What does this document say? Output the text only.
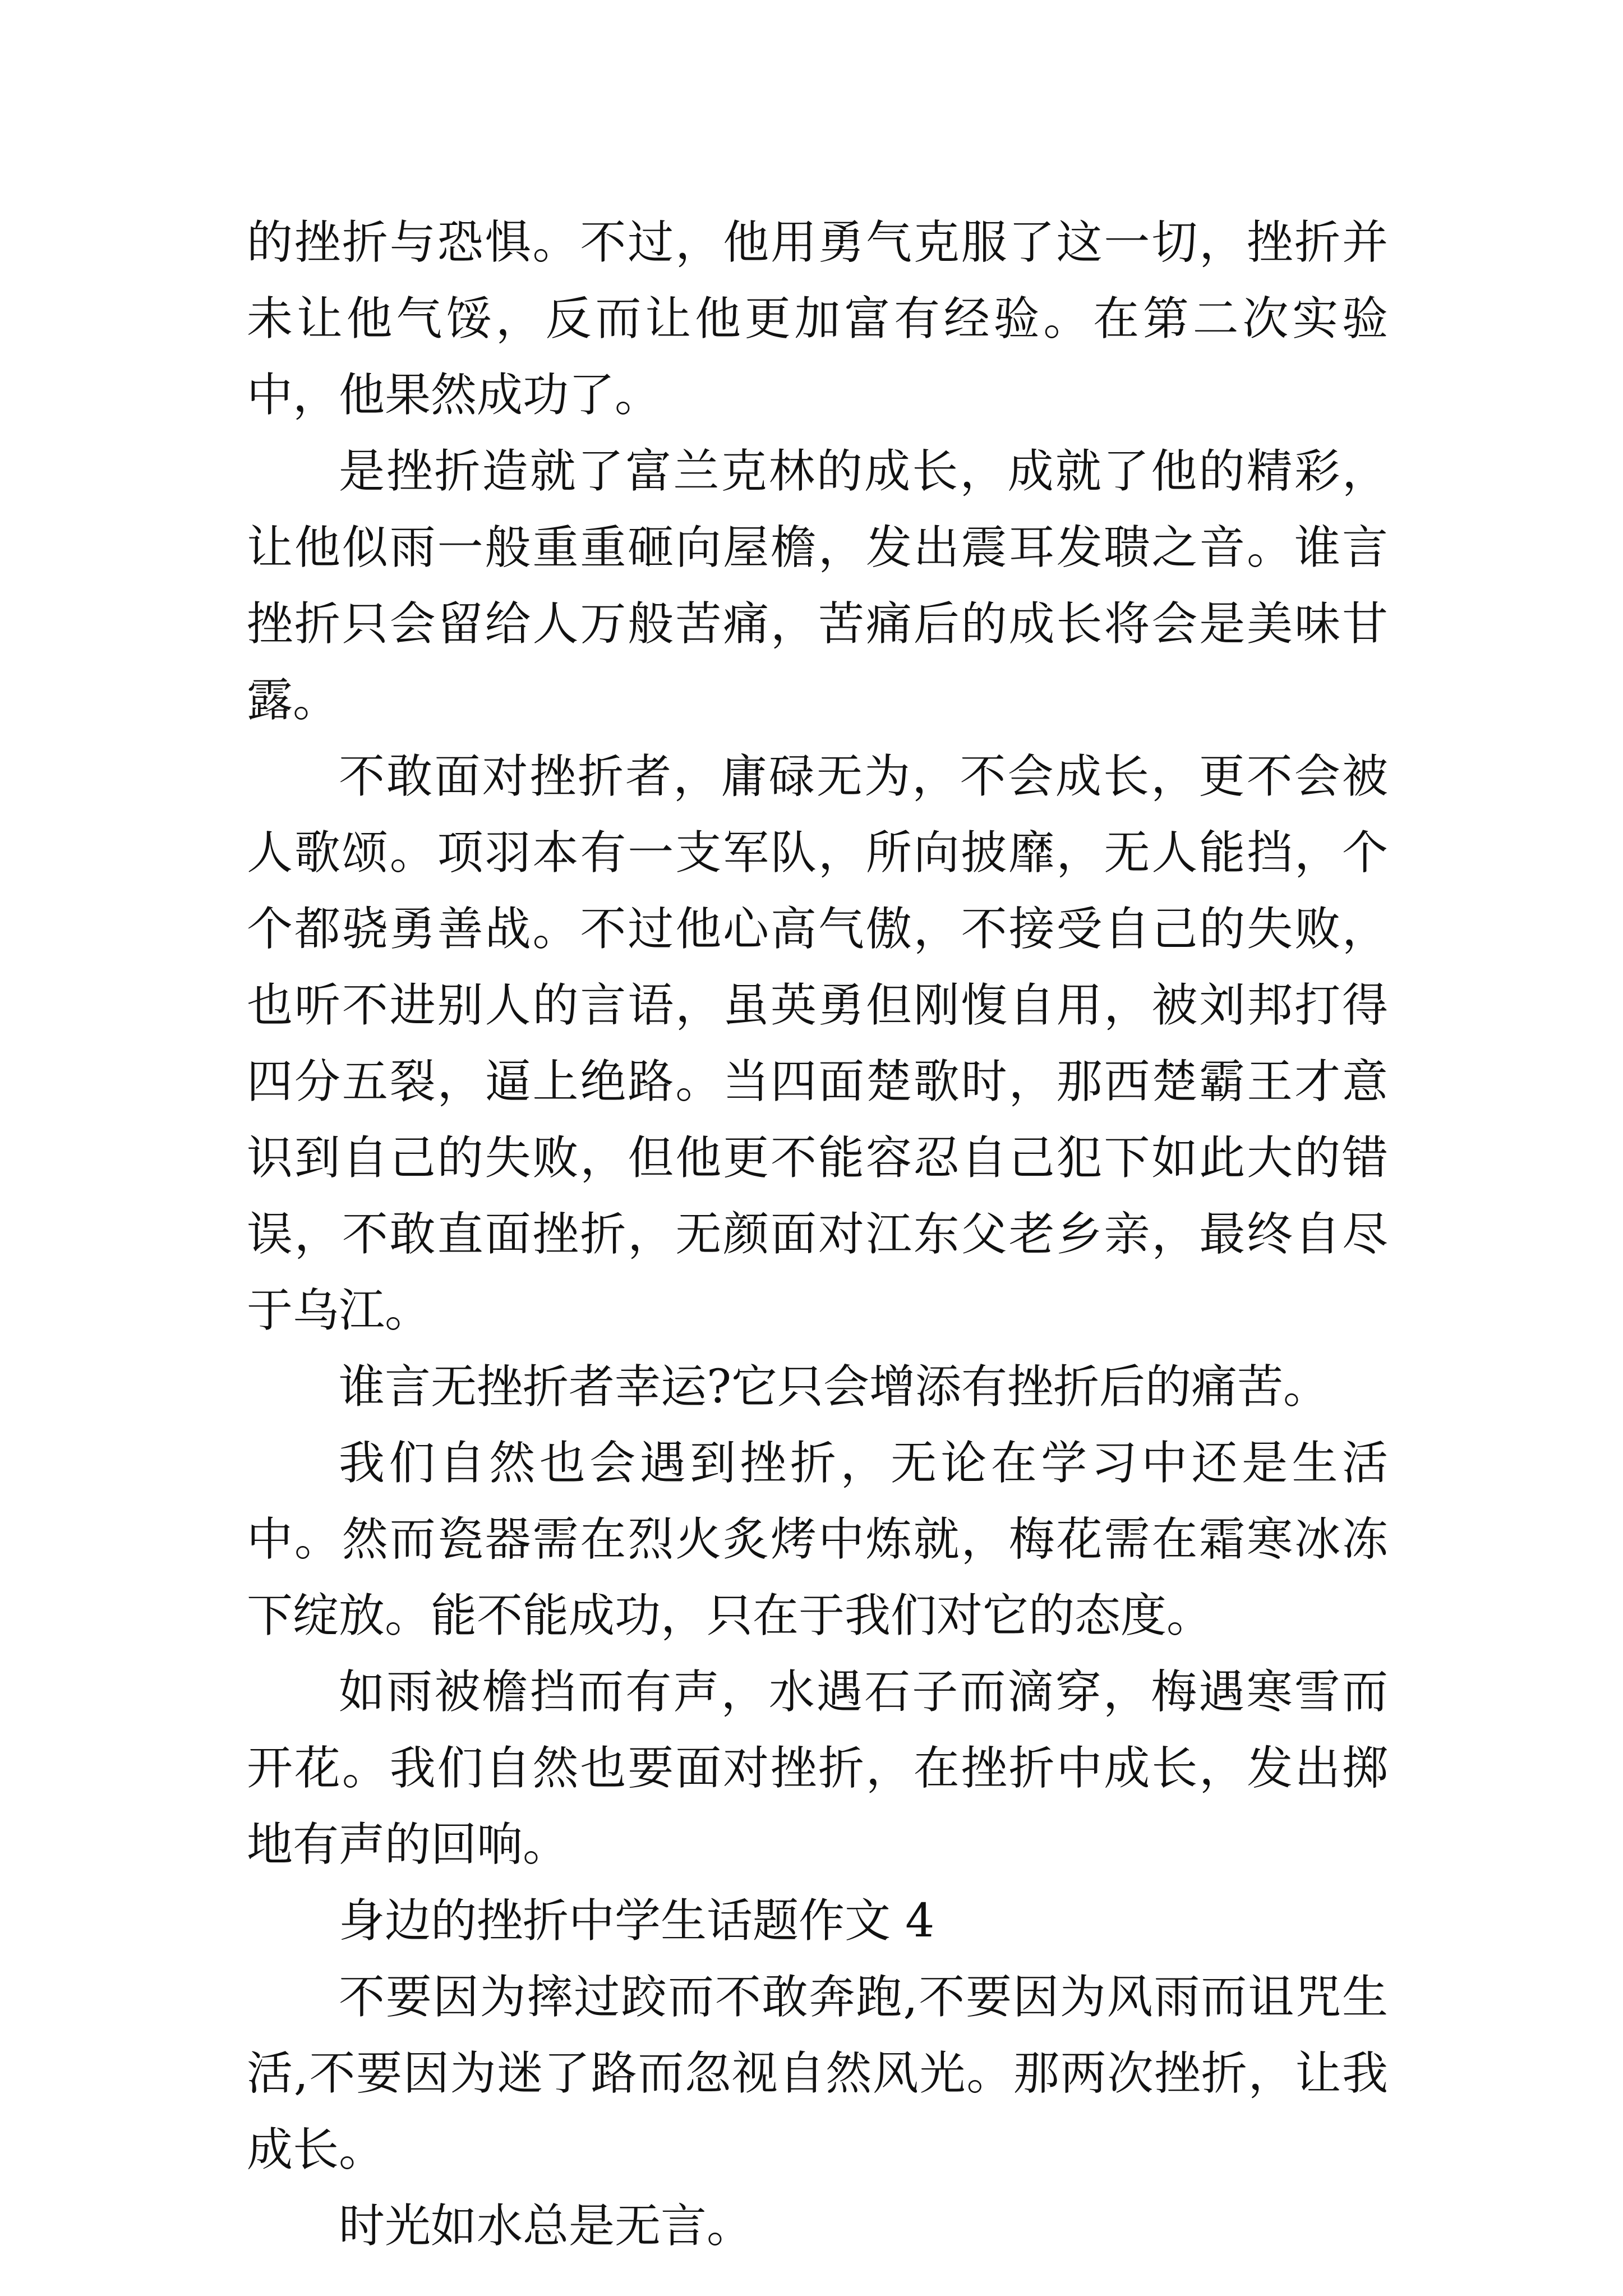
的挫折与恐惧。不过，他用勇气克服了这一切，挫折并未让他气馁，反而让他更加富有经验。在第二次实验中，他果然成功了。

是挫折造就了富兰克林的成长，成就了他的精彩，让他似雨一般重重砸向屋檐，发出震耳发聩之音。谁言挫折只会留给人万般苦痛，苦痛后的成长将会是美味甘露。

不敢面对挫折者，庸碌无为，不会成长，更不会被人歌颂。项羽本有一支军队，所向披靡，无人能挡，个个都骁勇善战。不过他心高气傲，不接受自己的失败，也听不进别人的言语，虽英勇但刚愎自用，被刘邦打得四分五裂，逼上绝路。当四面楚歌时，那西楚霸王才意识到自己的失败，但他更不能容忍自己犯下如此大的错误，不敢直面挫折，无颜面对江东父老乡亲，最终自尽于乌江。

谁言无挫折者幸运?它只会增添有挫折后的痛苦。

我们自然也会遇到挫折，无论在学习中还是生活中。然而瓷器需在烈火炙烤中炼就，梅花需在霜寒冰冻下绽放。能不能成功，只在于我们对它的态度。

如雨被檐挡而有声，水遇石子而滴穿，梅遇寒雪而开花。我们自然也要面对挫折，在挫折中成长，发出掷地有声的回响。

身边的挫折中学生话题作文 4

不要因为摔过跤而不敢奔跑,不要因为风雨而诅咒生活,不要因为迷了路而忽视自然风光。那两次挫折，让我成长。

时光如水总是无言。
